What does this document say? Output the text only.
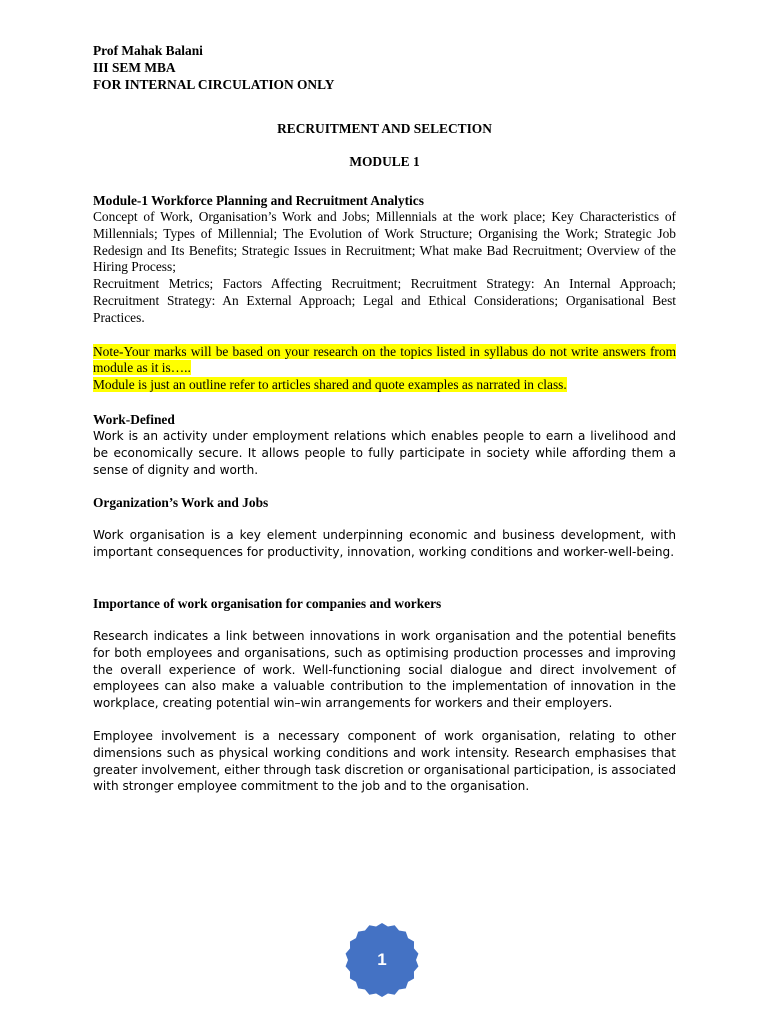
Prof Mahak Balani
III SEM MBA
FOR INTERNAL CIRCULATION ONLY
RECRUITMENT AND SELECTION
MODULE 1
Module-1 Workforce Planning and Recruitment Analytics

Concept of Work, Organisation’s Work and Jobs; Millennials at the work place; Key Characteristics of Millennials; Types of Millennial; The Evolution of Work Structure; Organising the Work; Strategic Job Redesign and Its Benefits; Strategic Issues in Recruitment; What make Bad Recruitment; Overview of the Hiring Process;

Recruitment Metrics; Factors Affecting Recruitment; Recruitment Strategy: An Internal Approach; Recruitment Strategy: An External Approach; Legal and Ethical Considerations; Organisational Best Practices.

Note-Your marks will be based on your research on the topics listed in syllabus do not write answers from module as it is…..
Module is just an outline refer to articles shared and quote examples as narrated in class.

Work-Defined

Work is an activity under employment relations which enables people to earn a livelihood and be economically secure. It allows people to fully participate in society while affording them a sense of dignity and worth.

Organization’s Work and Jobs

Work organisation is a key element underpinning economic and business development, with important consequences for productivity, innovation, working conditions and worker-well-being.

Importance of work organisation for companies and workers

Research indicates a link between innovations in work organisation and the potential benefits for both employees and organisations, such as optimising production processes and improving the overall experience of work. Well-functioning social dialogue and direct involvement of employees can also make a valuable contribution to the implementation of innovation in the workplace, creating potential win–win arrangements for workers and their employers.

Employee involvement is a necessary component of work organisation, relating to other dimensions such as physical working conditions and work intensity. Research emphasises that greater involvement, either through task discretion or organisational participation, is associated with stronger employee commitment to the job and to the organisation.

1
